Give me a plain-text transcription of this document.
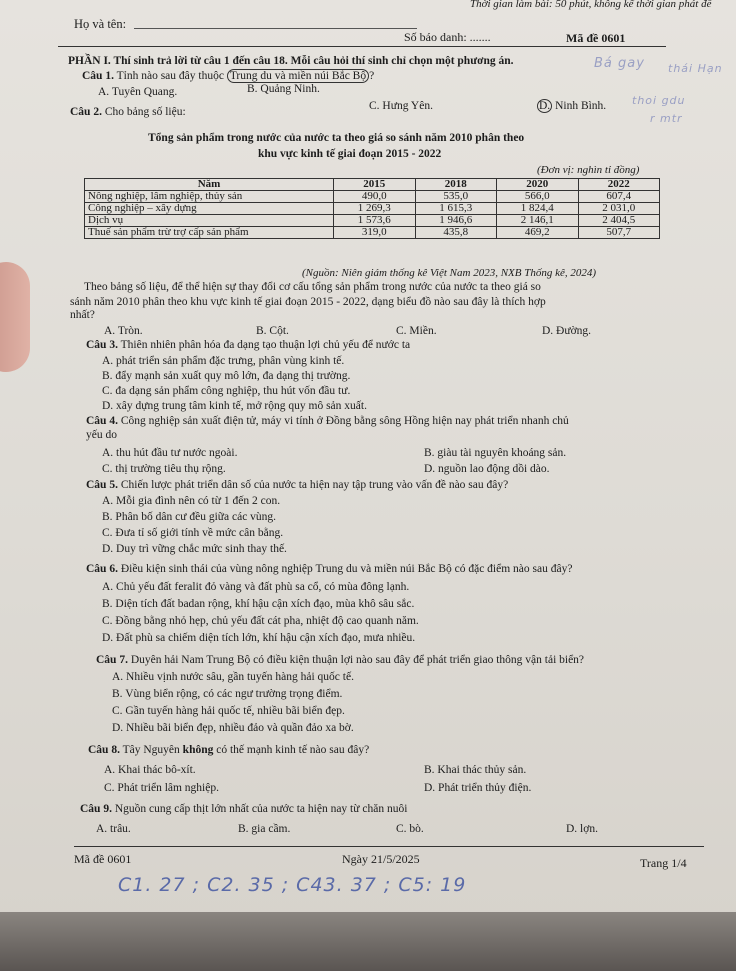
Thời gian làm bài: 50 phút, không kể thời gian phát đề
Họ và tên:
Số báo danh: .......	Mã đề 0601
PHẦN I. Thí sinh trả lời từ câu 1 đến câu 18. Mỗi câu hỏi thí sinh chỉ chọn một phương án.
Câu 1. Tỉnh nào sau đây thuộc Trung du và miền núi Bắc Bộ ?
A. Tuyên Quang.	B. Quảng Ninh.
C. Hưng Yên.	D. Ninh Bình.
Câu 2. Cho bảng số liệu:
Tổng sản phẩm trong nước của nước ta theo giá so sánh năm 2010 phân theo
khu vực kinh tế giai đoạn 2015 - 2022
(Đơn vị: nghìn tỉ đồng)
Năm	2015	2018	2020	2022
Nông nghiệp, lâm nghiệp, thủy sản	490,0	535,0	566,0	607,4
Công nghiệp – xây dựng	1 269,3	1 615,3	1 824,4	2 031,0
Dịch vụ	1 573,6	1 946,6	2 146,1	2 404,5
Thuế sản phẩm trừ trợ cấp sản phẩm	319,0	435,8	469,2	507,7
(Nguồn: Niên giám thống kê Việt Nam 2023, NXB Thống kê, 2024)
Theo bảng số liệu, để thể hiện sự thay đổi cơ cấu tổng sản phẩm trong nước của nước ta theo giá so
sánh năm 2010 phân theo khu vực kinh tế giai đoạn 2015 - 2022, dạng biểu đồ nào sau đây là thích hợp
nhất?
A. Tròn.	B. Cột.	C. Miền.	D. Đường.
Câu 3. Thiên nhiên phân hóa đa dạng tạo thuận lợi chủ yếu để nước ta
A. phát triển sản phẩm đặc trưng, phân vùng kinh tế.
B. đẩy mạnh sản xuất quy mô lớn, đa dạng thị trường.
C. đa dạng sản phẩm công nghiệp, thu hút vốn đầu tư.
D. xây dựng trung tâm kinh tế, mở rộng quy mô sản xuất.
Câu 4. Công nghiệp sản xuất điện tử, máy vi tính ở Đồng bằng sông Hồng hiện nay phát triển nhanh chủ
yếu do
A. thu hút đầu tư nước ngoài.	B. giàu tài nguyên khoáng sản.
C. thị trường tiêu thụ rộng.	D. nguồn lao động dồi dào.
Câu 5. Chiến lược phát triển dân số của nước ta hiện nay tập trung vào vấn đề nào sau đây?
A. Mỗi gia đình nên có từ 1 đến 2 con.
B. Phân bố dân cư đều giữa các vùng.
C. Đưa tỉ số giới tính về mức cân bằng.
D. Duy trì vững chắc mức sinh thay thế.
Câu 6. Điều kiện sinh thái của vùng nông nghiệp Trung du và miền núi Bắc Bộ có đặc điểm nào sau đây?
A. Chủ yếu đất feralit đỏ vàng và đất phù sa cổ, có mùa đông lạnh.
B. Diện tích đất badan rộng, khí hậu cận xích đạo, mùa khô sâu sắc.
C. Đồng bằng nhỏ hẹp, chủ yếu đất cát pha, nhiệt độ cao quanh năm.
D. Đất phù sa chiếm diện tích lớn, khí hậu cận xích đạo, mưa nhiều.
Câu 7. Duyên hải Nam Trung Bộ có điều kiện thuận lợi nào sau đây để phát triển giao thông vận tải biển?
A. Nhiều vịnh nước sâu, gần tuyến hàng hải quốc tế.
B. Vùng biển rộng, có các ngư trường trọng điểm.
C. Gần tuyến hàng hải quốc tế, nhiều bãi biển đẹp.
D. Nhiều bãi biển đẹp, nhiều đảo và quần đảo xa bờ.
Câu 8. Tây Nguyên không có thế mạnh kinh tế nào sau đây?
A. Khai thác bô-xít.	B. Khai thác thủy sản.
C. Phát triển lâm nghiệp.	D. Phát triển thủy điện.
Câu 9. Nguồn cung cấp thịt lớn nhất của nước ta hiện nay từ chăn nuôi
A. trâu.	B. gia cầm.	C. bò.	D. lợn.
Mã đề 0601	Ngày 21/5/2025	Trang 1/4
C1. 27 ; C2. 35 ; C43. 37 ; C5: 19
Bá gay thái Hạn
thoi gdu
r mtr
